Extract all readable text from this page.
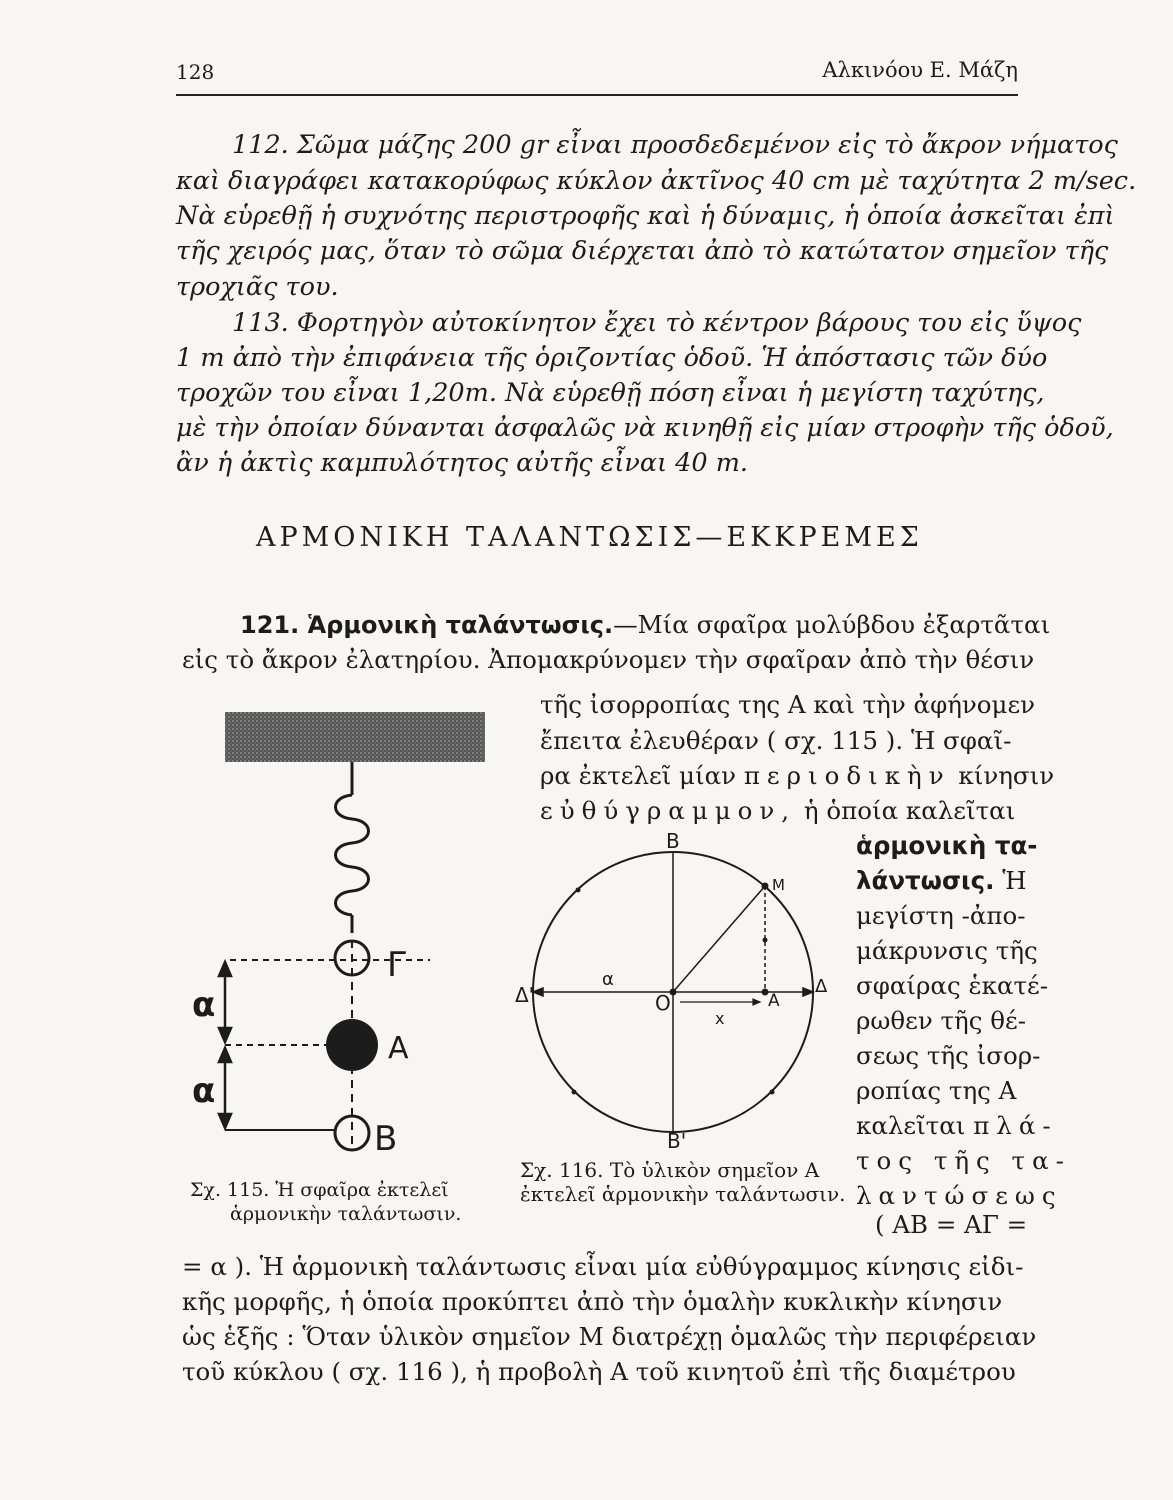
128	Αλκινόου Ε. Μάζη
112. Σῶμα μάζης 200 gr εἶναι προσδεδεμένον εἰς τὸ ἄκρον νήματος
καὶ διαγράφει κατακορύφως κύκλον ἀκτῖνος 40 cm μὲ ταχύτητα 2 m/sec.
Νὰ εὑρεθῇ ἡ συχνότης περιστροφῆς καὶ ἡ δύναμις, ἡ ὁποία ἀσκεῖται ἐπὶ
τῆς χειρός μας, ὅταν τὸ σῶμα διέρχεται ἀπὸ τὸ κατώτατον σημεῖον τῆς
τροχιᾶς του.
113. Φορτηγὸν αὐτοκίνητον ἔχει τὸ κέντρον βάρους του εἰς ὕψος
1 m ἀπὸ τὴν ἐπιφάνεια τῆς ὁριζοντίας ὁδοῦ. Ἡ ἀπόστασις τῶν δύο
τροχῶν του εἶναι 1,20m. Νὰ εὑρεθῇ πόση εἶναι ἡ μεγίστη ταχύτης,
μὲ τὴν ὁποίαν δύνανται ἀσφαλῶς νὰ κινηθῇ εἰς μίαν στροφὴν τῆς ὁδοῦ,
ἂν ἡ ἀκτὶς καμπυλότητος αὐτῆς εἶναι 40 m.
ΑΡΜΟΝΙΚΗ ΤΑΛΑΝΤΩΣΙΣ—ΕΚΚΡΕΜΕΣ
121. Ἁρμονικὴ ταλάντωσις.—Μία σφαῖρα μολύβδου ἐξαρτᾶται
εἰς τὸ ἄκρον ἐλατηρίου. Ἀπομακρύνομεν τὴν σφαῖραν ἀπὸ τὴν θέσιν
τῆς ἰσορροπίας της Α καὶ τὴν ἀφήνομεν
ἔπειτα ἐλευθέραν ( σχ. 115 ). Ἡ σφαῖ-
ρα ἐκτελεῖ μίαν περιοδικὴν κίνησιν
εὐθύγραμμον, ἡ ὁποία καλεῖται
ἁρμονικὴ τα-
λάντωσις. Ἡ
μεγίστη -ἀπο-
μάκρυνσις τῆς
σφαίρας ἑκατέ-
ρωθεν τῆς θέ-
σεως τῆς ἰσορ-
ροπίας της Α
καλεῖται πλά-
τος τῆς τα-
λαντώσεως
( ΑΒ = ΑΓ =
= α ). Ἡ ἁρμονικὴ ταλάντωσις εἶναι μία εὐθύγραμμος κίνησις εἰδι-
κῆς μορφῆς, ἡ ὁποία προκύπτει ἀπὸ τὴν ὁμαλὴν κυκλικὴν κίνησιν
ὡς ἑξῆς : Ὅταν ὑλικὸν σημεῖον Μ διατρέχῃ ὁμαλῶς τὴν περιφέρειαν
τοῦ κύκλου ( σχ. 116 ), ἡ προβολὴ Α τοῦ κινητοῦ ἐπὶ τῆς διαμέτρου
Γ
α
Α
α
Β
Σχ. 115. Ἡ σφαῖρα ἐκτελεῖ
ἁρμονικὴν ταλάντωσιν.
Β
Μ
Δ'
α
Ο	Α
Δ
x
Β'
Σχ. 116. Τὸ ὑλικὸν σημεῖον Α
ἐκτελεῖ ἁρμονικὴν ταλάντωσιν.
